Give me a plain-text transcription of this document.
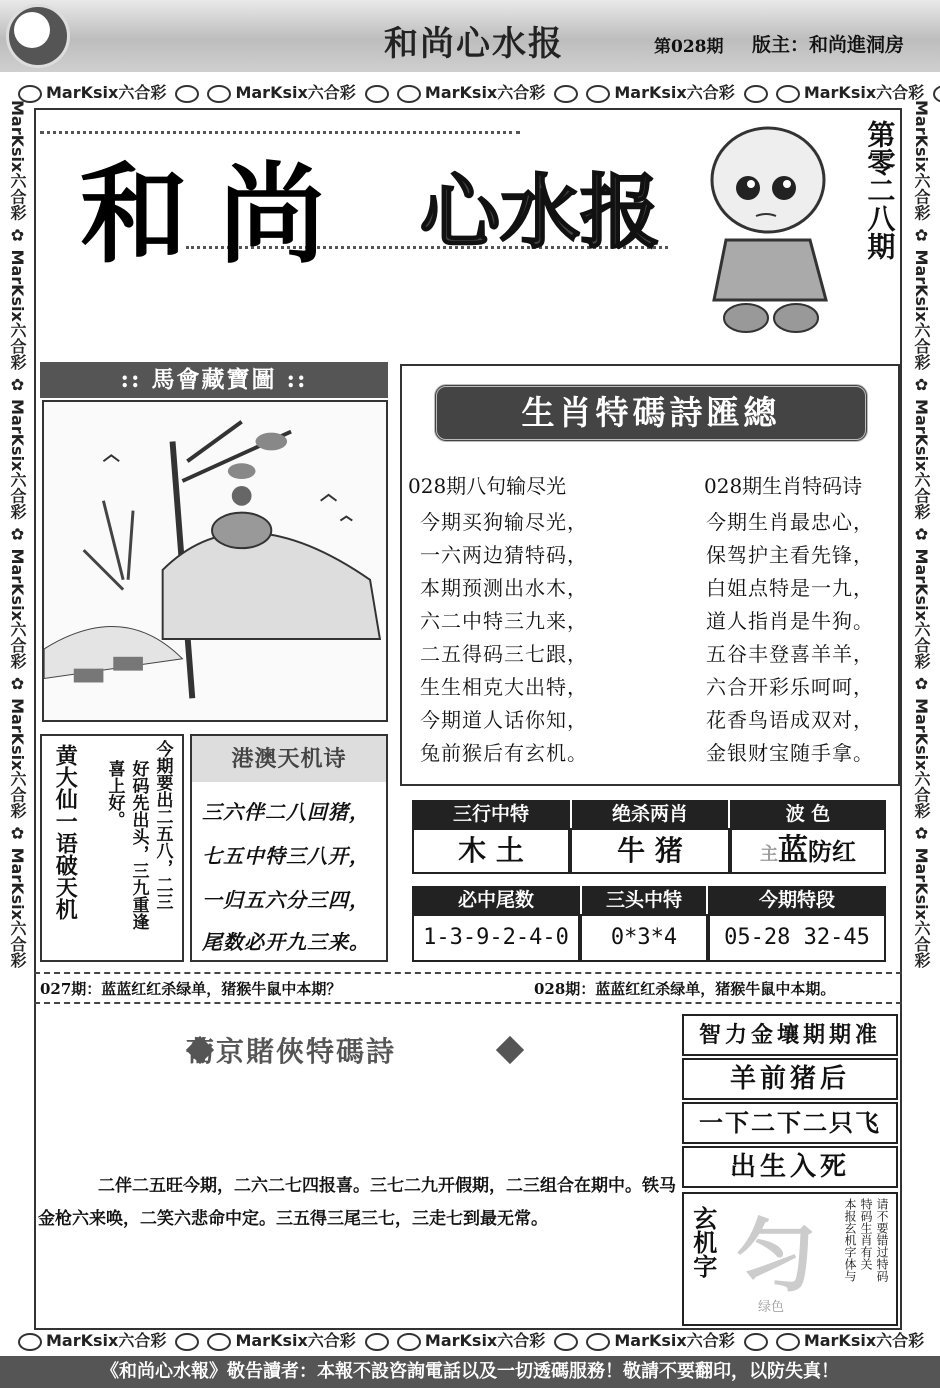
和尚心水报	第028期 版主：和尚進洞房
MarKsix六合彩	MarKsix六合彩	MarKsix六合彩	MarKsix六合彩	MarKsix六合彩
MarKsix六合彩	MarKsix六合彩	MarKsix六合彩	MarKsix六合彩	MarKsix六合彩
MarKsix六合彩 ✿ MarKsix六合彩 ✿ MarKsix六合彩 ✿ MarKsix六合彩 ✿ MarKsix六合彩 ✿ MarKsix六合彩
MarKsix六合彩 ✿ MarKsix六合彩 ✿ MarKsix六合彩 ✿ MarKsix六合彩 ✿ MarKsix六合彩 ✿ MarKsix六合彩
和尚 心水报	第零二八期
:: 馬會藏寶圖 ::
生肖特碼詩匯總
028期八句输尽光	028期生肖特码诗
今期买狗输尽光，
一六两边猜特码，
本期预测出水木，
六二中特三九来，
二五得码三七跟，
生生相克大出特，
今期道人话你知，
兔前猴后有玄机。
今期生肖最忠心，
保驾护主看先锋，
白姐点特是一九，
道人指肖是牛狗。
五谷丰登喜羊羊，
六合开彩乐呵呵，
花香鸟语成双对，
金银财宝随手拿。
黄大仙一语破天机	今期要出二五八，二三
好码先出头，三九重逢
喜上好。
港澳天机诗
三六伴二八回猪，
七五中特三八开，
一归五六分三四，
尾数必开九三来。
三行中特	绝杀两肖	波 色
木 土	牛 猪	主蓝防红
必中尾数	三头中特	今期特段
1-3-9-2-4-0	0*3*4	05-28 32-45
027期：蓝蓝红红杀绿单，猪猴牛鼠中本期？	028期：蓝蓝红红杀绿单，猪猴牛鼠中本期。
葡京賭俠特碼詩
二伴二五旺今期，二六二七四报喜。三七二九开假期，二三组合在期中。铁马金枪六来唤，二笑六悲命中定。三五得三尾三七，三走七到最无常。
智力金壤期期准
羊前猪后
一下二下二只飞
出生入死
玄机字 匀
绿色
请不要错过特码
特码生肖有关
本报玄机字体与
《和尚心水報》敬告讀者：本報不設咨詢電話以及一切透碼服務！敬請不要翻印，以防失真！
